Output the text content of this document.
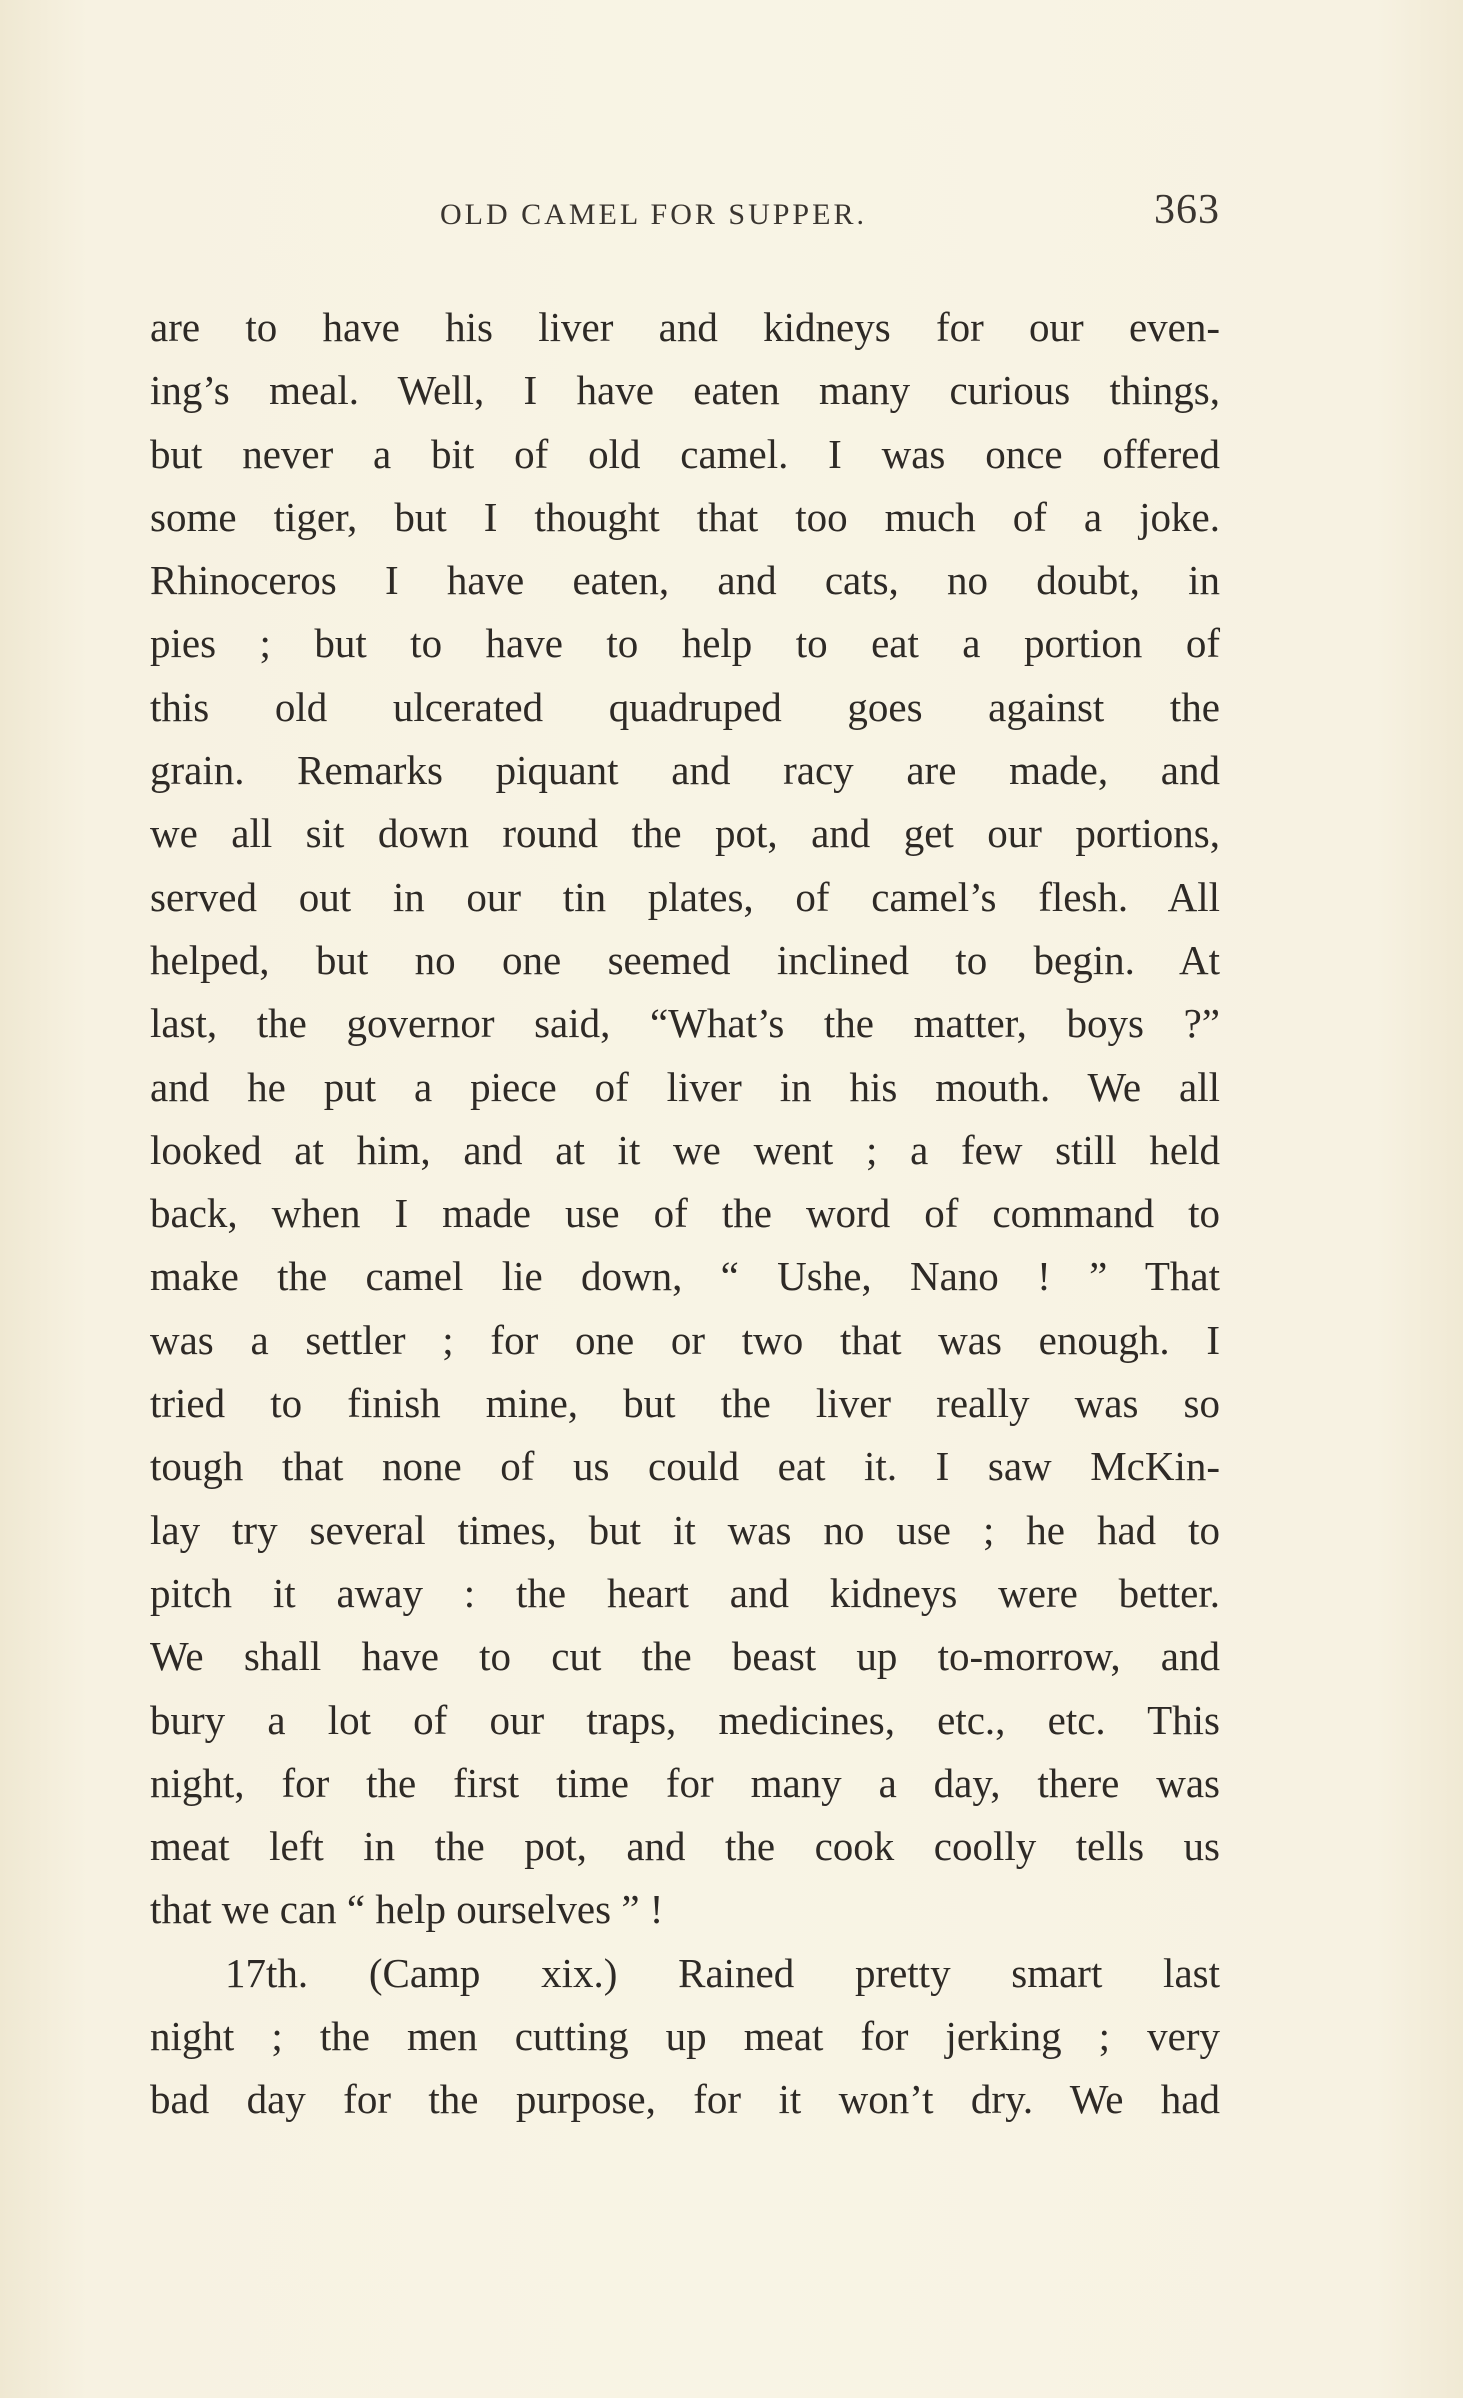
OLD CAMEL FOR SUPPER.	363
are to have his liver and kidneys for our even-
ing’s meal. Well, I have eaten many curious things,
but never a bit of old camel. I was once offered
some tiger, but I thought that too much of a joke.
Rhinoceros I have eaten, and cats, no doubt, in
pies ; but to have to help to eat a portion of
this old ulcerated quadruped goes against the
grain. Remarks piquant and racy are made, and
we all sit down round the pot, and get our portions,
served out in our tin plates, of camel’s flesh. All
helped, but no one seemed inclined to begin. At
last, the governor said, “What’s the matter, boys ?”
and he put a piece of liver in his mouth. We all
looked at him, and at it we went ; a few still held
back, when I made use of the word of command to
make the camel lie down, “ Ushe, Nano ! ” That
was a settler ; for one or two that was enough. I
tried to finish mine, but the liver really was so
tough that none of us could eat it. I saw McKin-
lay try several times, but it was no use ; he had to
pitch it away : the heart and kidneys were better.
We shall have to cut the beast up to-morrow, and
bury a lot of our traps, medicines, etc., etc. This
night, for the first time for many a day, there was
meat left in the pot, and the cook coolly tells us
that we can “ help ourselves ” !
17th. (Camp xix.) Rained pretty smart last
night ; the men cutting up meat for jerking ; very
bad day for the purpose, for it won’t dry. We had
